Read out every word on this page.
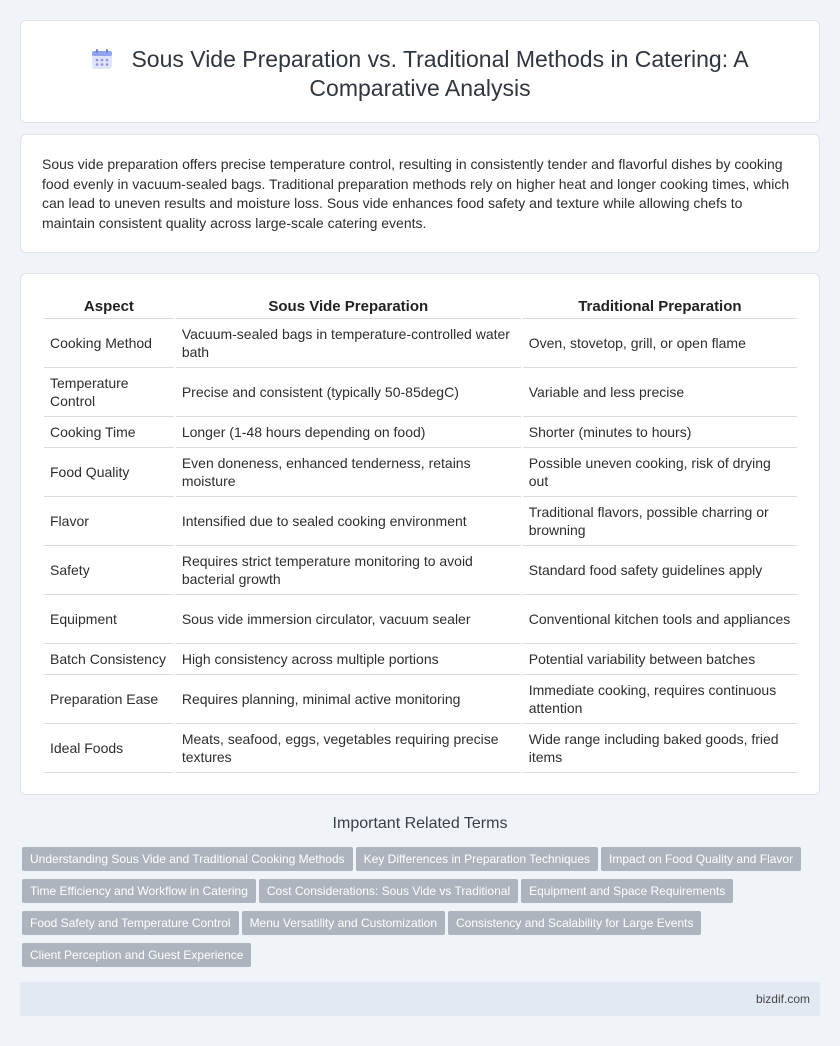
Sous Vide Preparation vs. Traditional Methods in Catering: A Comparative Analysis

Sous vide preparation offers precise temperature control, resulting in consistently tender and flavorful dishes by cooking food evenly in vacuum-sealed bags. Traditional preparation methods rely on higher heat and longer cooking times, which can lead to uneven results and moisture loss. Sous vide enhances food safety and texture while allowing chefs to maintain consistent quality across large-scale catering events.

Aspect	Sous Vide Preparation	Traditional Preparation
Cooking Method	Vacuum-sealed bags in temperature-controlled water bath	Oven, stovetop, grill, or open flame
Temperature Control	Precise and consistent (typically 50-85degC)	Variable and less precise
Cooking Time	Longer (1-48 hours depending on food)	Shorter (minutes to hours)
Food Quality	Even doneness, enhanced tenderness, retains moisture	Possible uneven cooking, risk of drying out
Flavor	Intensified due to sealed cooking environment	Traditional flavors, possible charring or browning
Safety	Requires strict temperature monitoring to avoid bacterial growth	Standard food safety guidelines apply
Equipment	Sous vide immersion circulator, vacuum sealer	Conventional kitchen tools and appliances
Batch Consistency	High consistency across multiple portions	Potential variability between batches
Preparation Ease	Requires planning, minimal active monitoring	Immediate cooking, requires continuous attention
Ideal Foods	Meats, seafood, eggs, vegetables requiring precise textures	Wide range including baked goods, fried items
Important Related Terms
Understanding Sous Vide and Traditional Cooking Methods Key Differences in Preparation Techniques Impact on Food Quality and Flavor
Time Efficiency and Workflow in Catering Cost Considerations: Sous Vide vs Traditional Equipment and Space Requirements
Food Safety and Temperature Control Menu Versatility and Customization Consistency and Scalability for Large Events
Client Perception and Guest Experience
bizdif.com
